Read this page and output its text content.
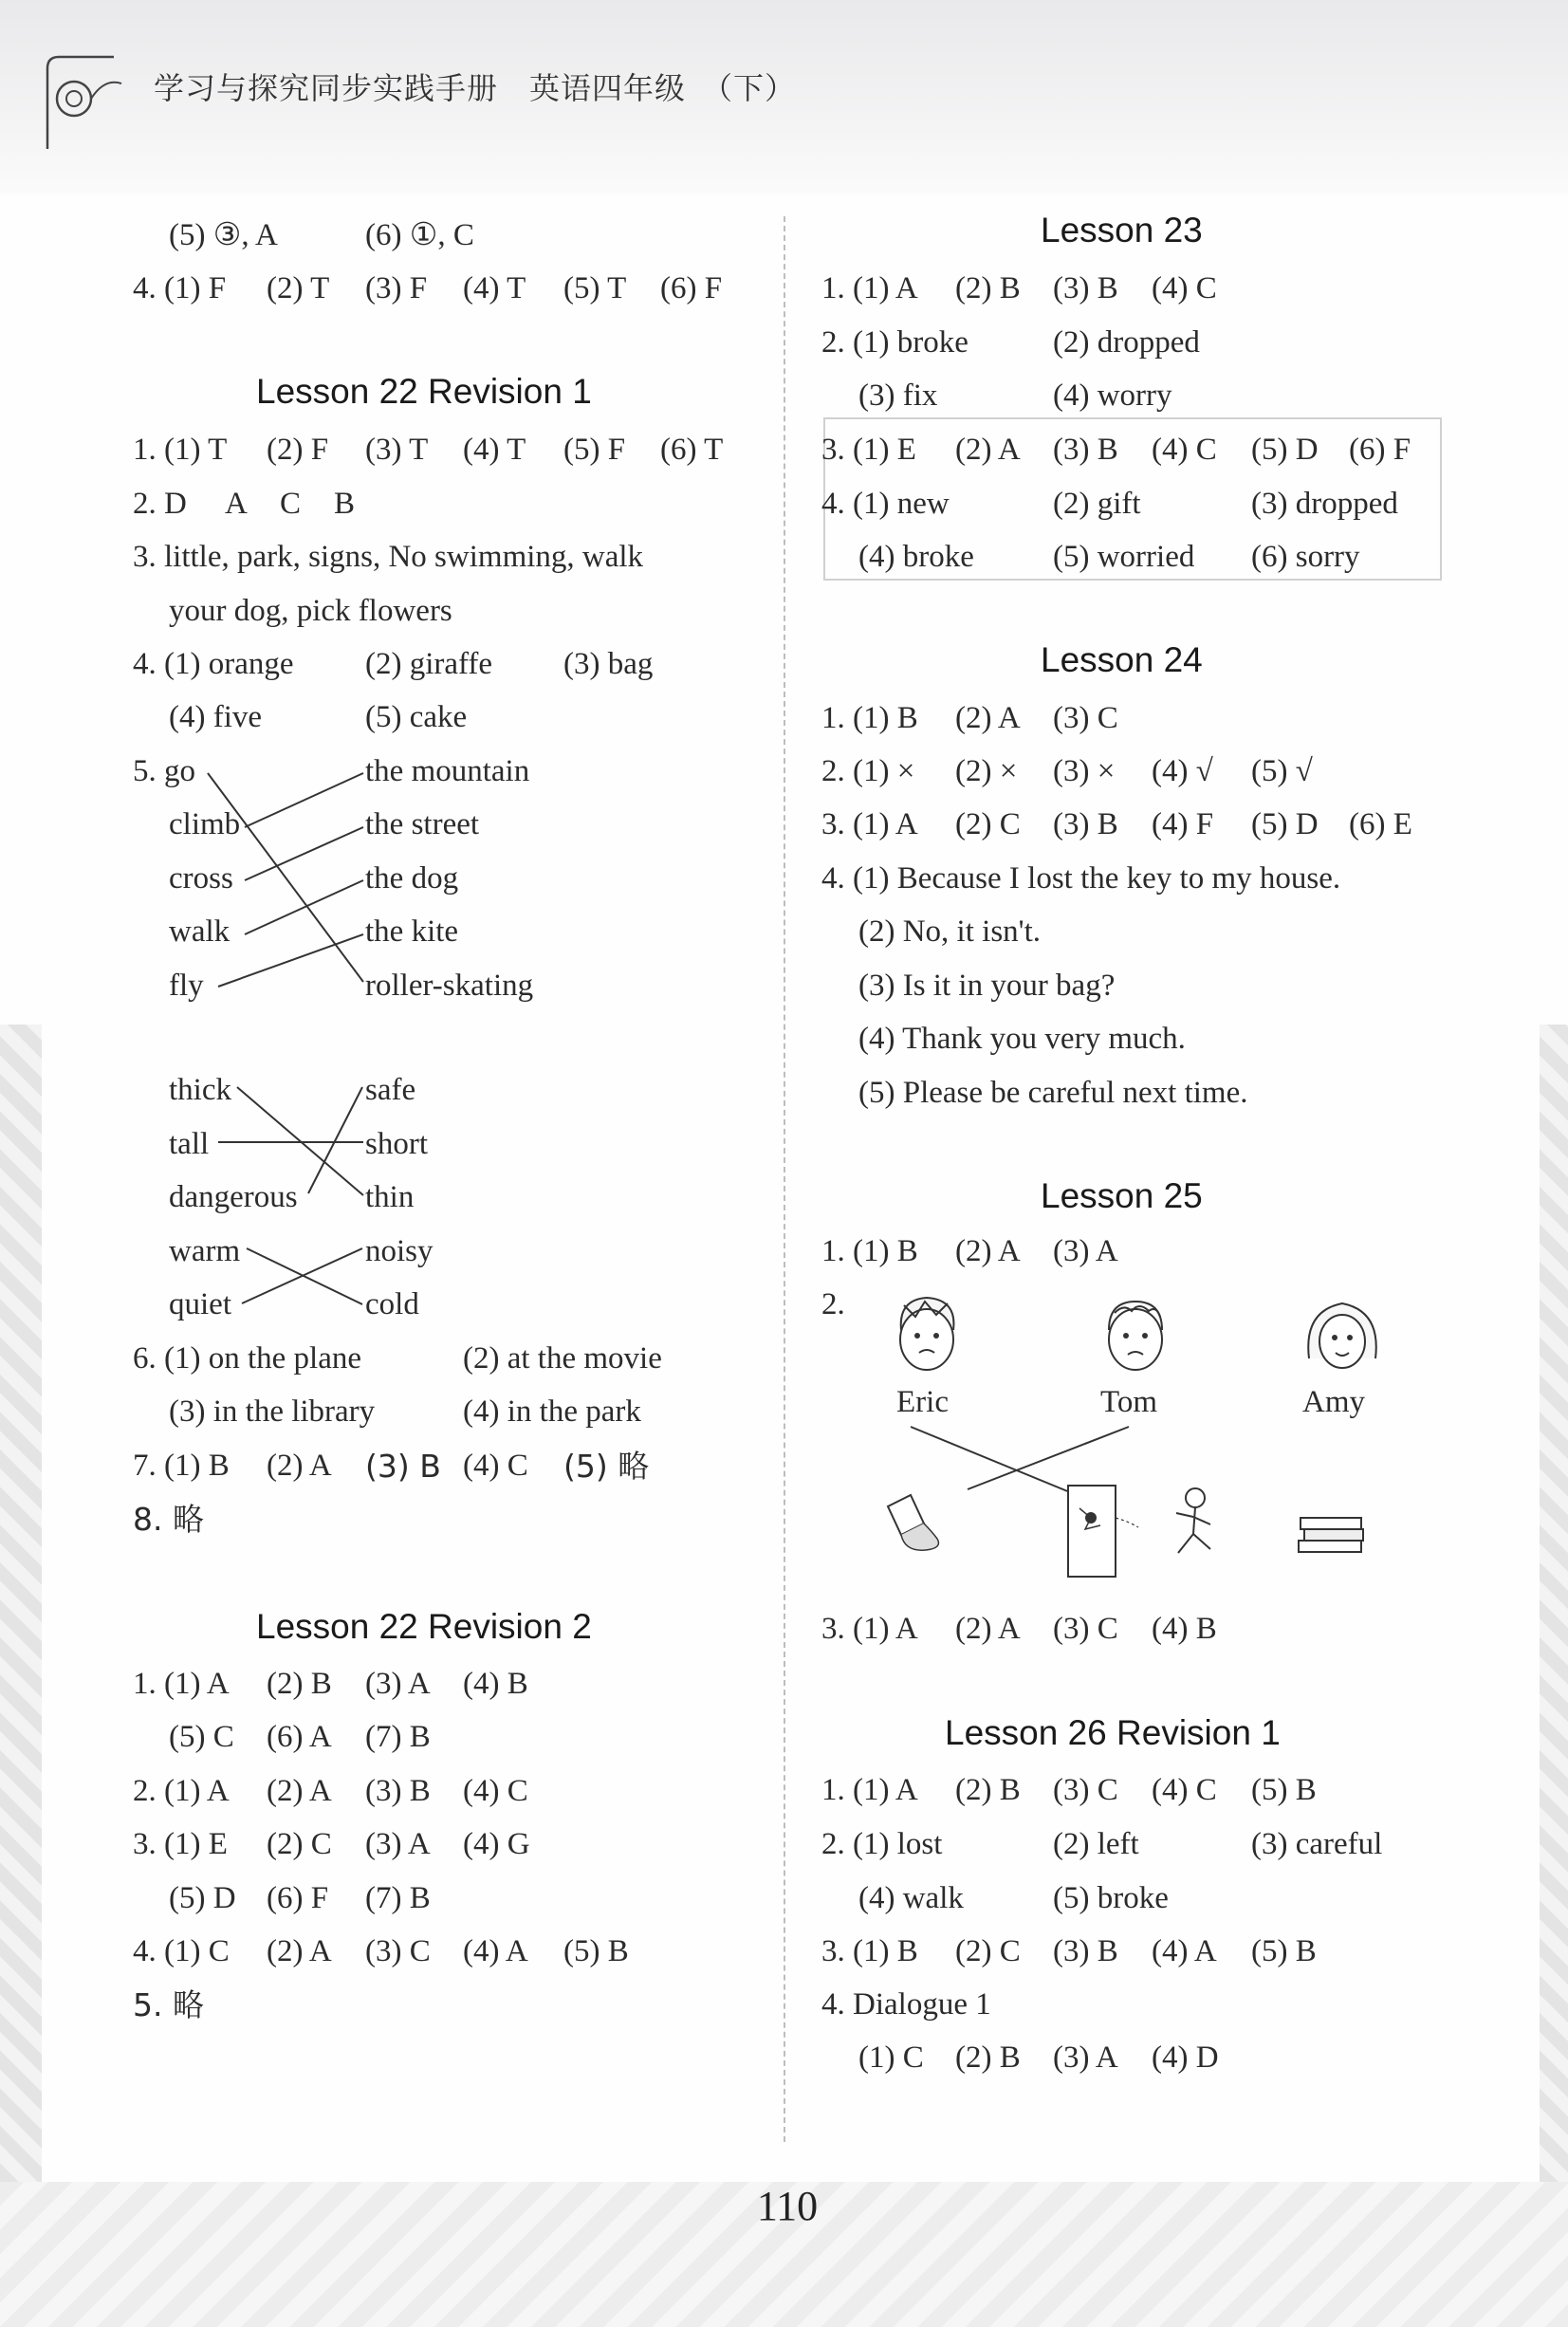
学习与探究同步实践手册　英语四年级　（下）
110
(5) ③, A	(6) ①, C
4. (1) F (2) T (3) F (4) T (5) T (6) F
Lesson 22 Revision 1
1. (1) T (2) F (3) T (4) T (5) F (6) T
2. D A C B
3. little, park, signs, No swimming, walk
your dog, pick flowers
4. (1) orange (2) giraffe (3) bag
(4) five	(5) cake
5. go
climb
cross
walk
fly
the mountain
the street
the dog
the kite
roller-skating
thick
tall
dangerous
warm
quiet
safe
short
thin
noisy
cold
6. (1) on the plane	(2) at the movie
(3) in the library	(4) in the park
7. (1) B (2) A (3) B (4) C (5) 略
8. 略
Lesson 22 Revision 2
1. (1) A (2) B (3) A (4) B
(5) C (6) A (7) B
2. (1) A (2) A (3) B (4) C
3. (1) E (2) C (3) A (4) G
(5) D (6) F (7) B
4. (1) C (2) A (3) C (4) A (5) B
5. 略
Lesson 23
1. (1) A (2) B (3) B (4) C
2. (1) broke	(2) dropped
(3) fix	(4) worry
3. (1) E (2) A (3) B (4) C (5) D (6) F
4. (1) new	(2) gift	(3) dropped
(4) broke	(5) worried (6) sorry
Lesson 24
1. (1) B (2) A (3) C
2. (1) × (2) × (3) × (4) √ (5) √
3. (1) A (2) C (3) B (4) F (5) D (6) E
4. (1) Because I lost the key to my house.
(2) No, it isn't.
(3) Is it in your bag?
(4) Thank you very much.
(5) Please be careful next time.
Lesson 25
1. (1) B (2) A (3) A
2.
Eric	Tom	Amy
3. (1) A (2) A (3) C (4) B
Lesson 26 Revision 1
1. (1) A (2) B (3) C (4) C (5) B
2. (1) lost	(2) left	(3) careful
(4) walk	(5) broke
3. (1) B (2) C (3) B (4) A (5) B
4. Dialogue 1
(1) C (2) B (3) A (4) D
